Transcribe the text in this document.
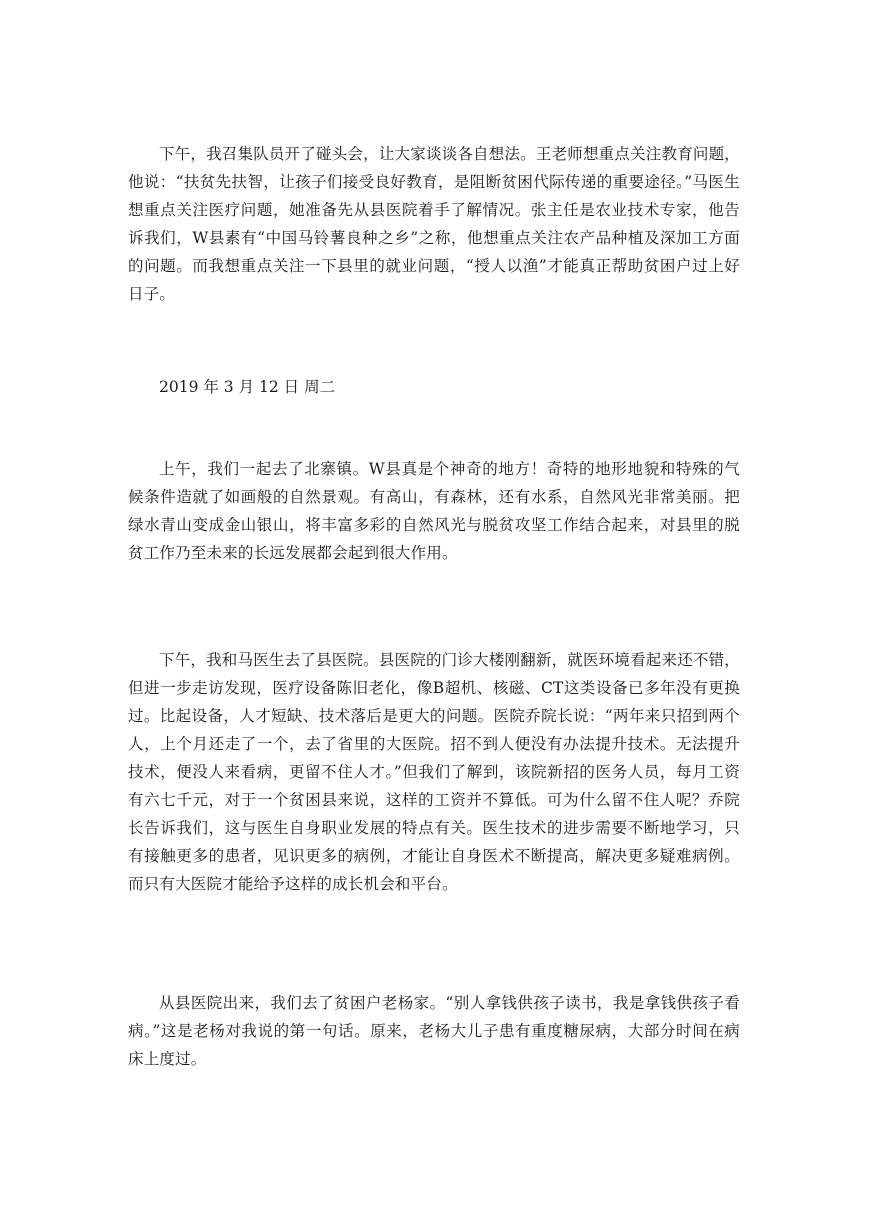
下午，我召集队员开了碰头会，让大家谈谈各自想法。王老师想重点关注教育问题，他说：“扶贫先扶智，让孩子们接受良好教育，是阻断贫困代际传递的重要途径。”马医生想重点关注医疗问题，她准备先从县医院着手了解情况。张主任是农业技术专家，他告诉我们，W县素有“中国马铃薯良种之乡”之称，他想重点关注农产品种植及深加工方面的问题。而我想重点关注一下县里的就业问题，“授人以渔”才能真正帮助贫困户过上好日子。

2019 年 3 月 12 日 周二

上午，我们一起去了北寨镇。W县真是个神奇的地方！奇特的地形地貌和特殊的气候条件造就了如画般的自然景观。有高山，有森林，还有水系，自然风光非常美丽。把绿水青山变成金山银山，将丰富多彩的自然风光与脱贫攻坚工作结合起来，对县里的脱贫工作乃至未来的长远发展都会起到很大作用。

下午，我和马医生去了县医院。县医院的门诊大楼刚翻新，就医环境看起来还不错，但进一步走访发现，医疗设备陈旧老化，像B超机、核磁、CT这类设备已多年没有更换过。比起设备，人才短缺、技术落后是更大的问题。医院乔院长说：“两年来只招到两个人，上个月还走了一个，去了省里的大医院。招不到人便没有办法提升技术。无法提升技术，便没人来看病，更留不住人才。”但我们了解到，该院新招的医务人员，每月工资有六七千元，对于一个贫困县来说，这样的工资并不算低。可为什么留不住人呢？乔院长告诉我们，这与医生自身职业发展的特点有关。医生技术的进步需要不断地学习，只有接触更多的患者，见识更多的病例，才能让自身医术不断提高，解决更多疑难病例。而只有大医院才能给予这样的成长机会和平台。

从县医院出来，我们去了贫困户老杨家。“别人拿钱供孩子读书，我是拿钱供孩子看病。”这是老杨对我说的第一句话。原来，老杨大儿子患有重度糖尿病，大部分时间在病床上度过。
